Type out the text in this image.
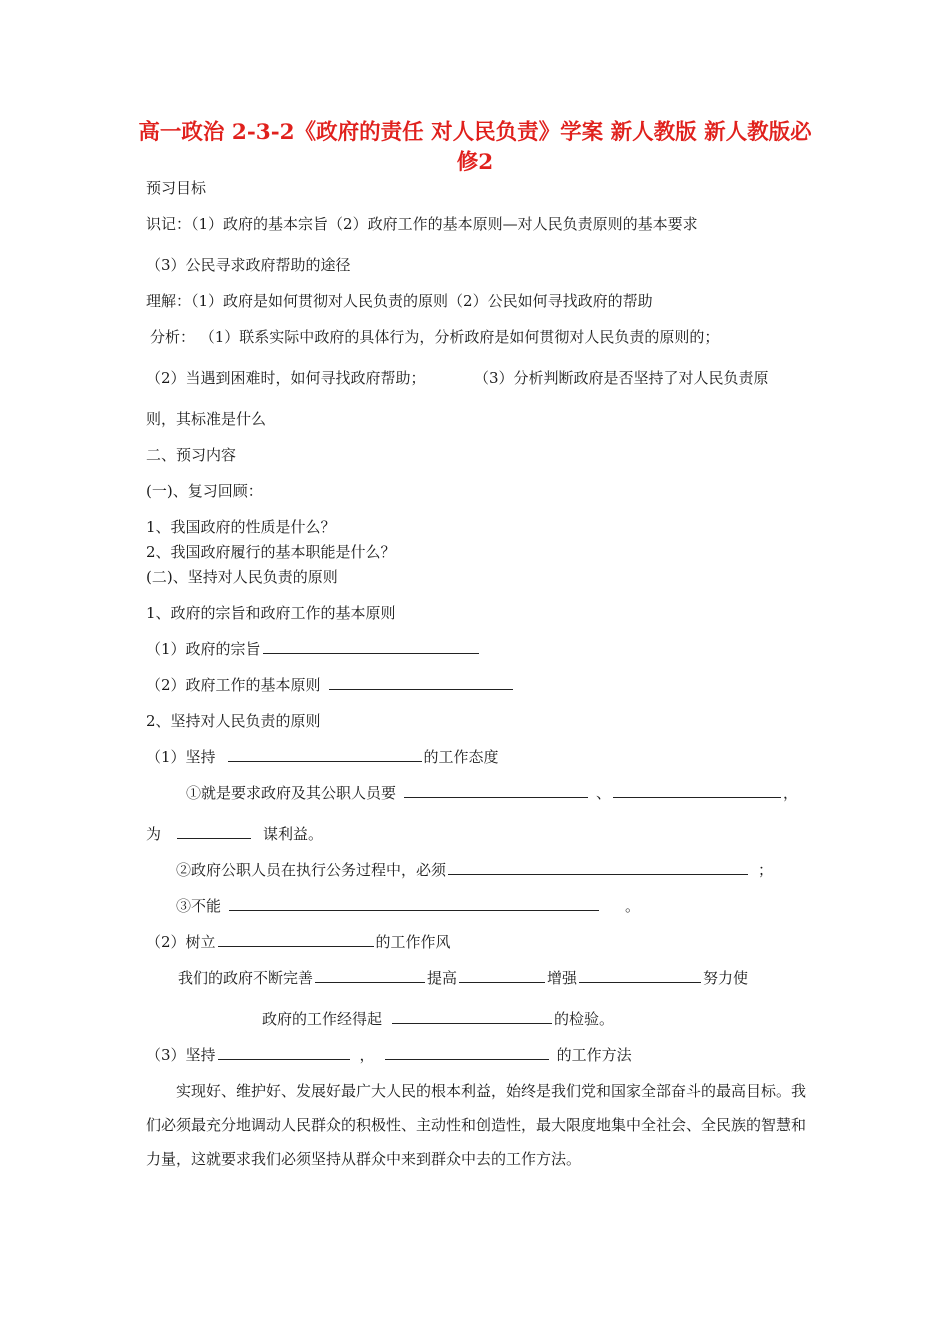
高一政治 2-3-2《政府的责任 对人民负责》学案 新人教版 新人教版必修2
预习目标
识记：（1）政府的基本宗旨（2）政府工作的基本原则—对人民负责原则的基本要求
（3）公民寻求政府帮助的途径
理解：（1）政府是如何贯彻对人民负责的原则（2）公民如何寻找政府的帮助
分析： （1）联系实际中政府的具体行为，分析政府是如何贯彻对人民负责的原则的；
（2）当遇到困难时，如何寻找政府帮助；	（3）分析判断政府是否坚持了对人民负责原
则，其标准是什么
二、预习内容
(一)、复习回顾：
1、我国政府的性质是什么？
2、我国政府履行的基本职能是什么？
(二)、坚持对人民负责的原则
1、政府的宗旨和政府工作的基本原则
（1）政府的宗旨
（2）政府工作的基本原则
2、坚持对人民负责的原则
（1）坚持	的工作态度
①就是要求政府及其公职人员要	、	，
为	谋利益。
②政府公职人员在执行公务过程中，必须	；
③不能	。
（2）树立	的工作作风
我们的政府不断完善	提高	增强	努力使
政府的工作经得起	的检验。
（3）坚持	，	的工作方法
实现好、维护好、发展好最广大人民的根本利益，始终是我们党和国家全部奋斗的最高目标。我们必须最充分地调动人民群众的积极性、主动性和创造性，最大限度地集中全社会、全民族的智慧和力量，这就要求我们必须坚持从群众中来到群众中去的工作方法。
